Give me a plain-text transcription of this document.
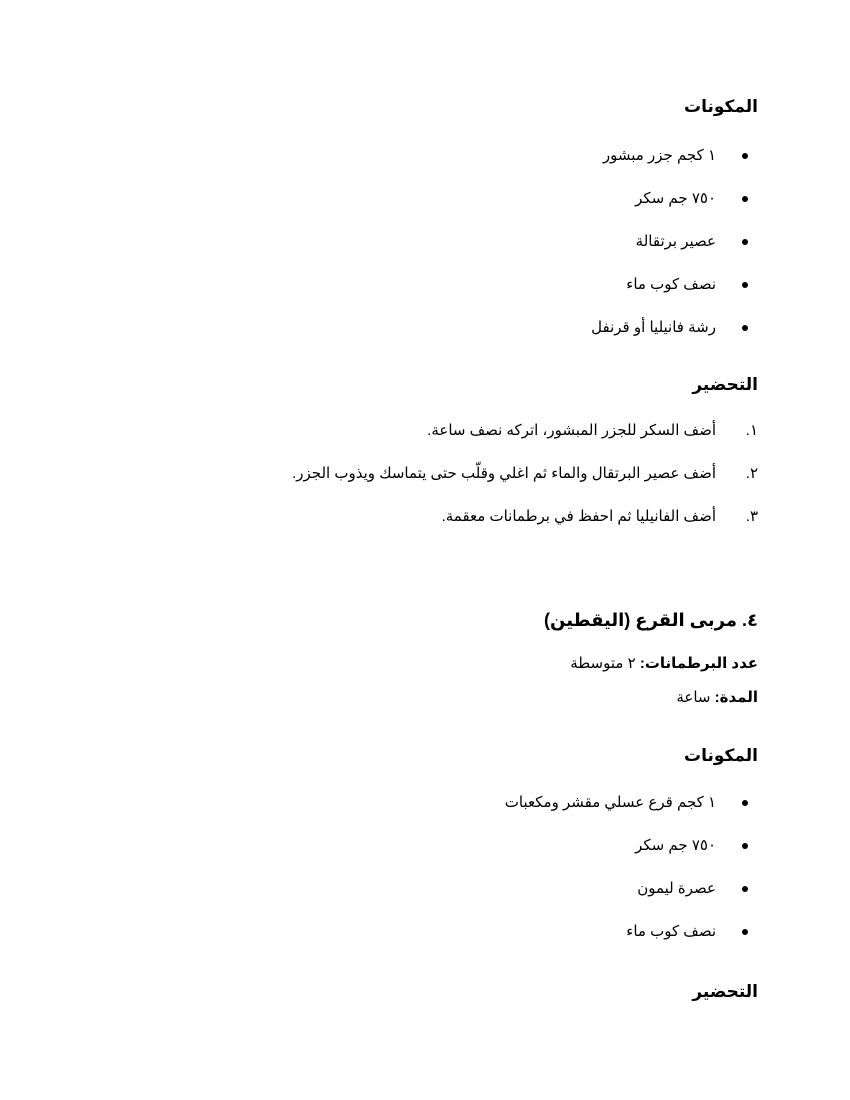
المكونات
١ كجم جزر مبشور
٧٥٠ جم سكر
عصير برتقالة
نصف كوب ماء
رشة فانيليا أو قرنفل
التحضير
١.
أضف السكر للجزر المبشور، اتركه نصف ساعة.
٢.
أضف عصير البرتقال والماء ثم اغلي وقلّب حتى يتماسك ويذوب الجزر.
٣.
أضف الفانيليا ثم احفظ في برطمانات معقمة.
٤. مربى القرع (اليقطين)

عدد البرطمانات: ٢ متوسطة

المدة: ساعة

المكونات
١ كجم قرع عسلي مقشر ومكعبات
٧٥٠ جم سكر
عصرة ليمون
نصف كوب ماء
التحضير
